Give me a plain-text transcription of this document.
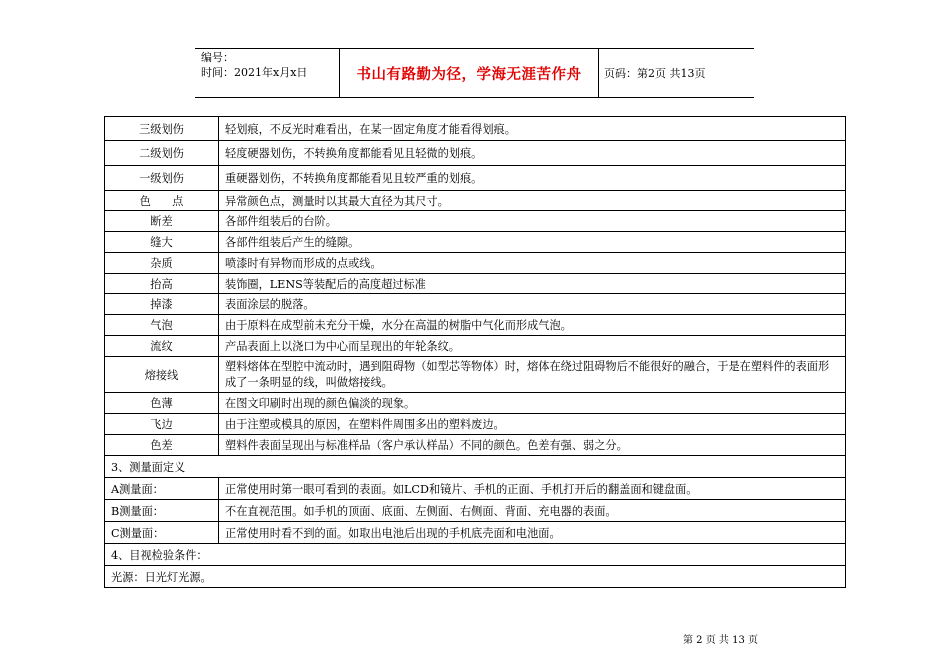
编号：
时间：2021年x月x日	书山有路勤为径，学海无涯苦作舟	页码：第2页 共13页
三级划伤	轻划痕，不反光时难看出，在某一固定角度才能看得划痕。
二级划伤	轻度硬器划伤，不转换角度都能看见且轻微的划痕。
一级划伤	重硬器划伤，不转换角度都能看见且较严重的划痕。
色      点	异常颜色点，测量时以其最大直径为其尺寸。
断差	各部件组装后的台阶。
缝大	各部件组装后产生的缝隙。
杂质	喷漆时有异物而形成的点或线。
抬高	装饰圈，LENS等装配后的高度超过标准
掉漆	表面涂层的脱落。
气泡	由于原料在成型前未充分干燥，水分在高温的树脂中气化而形成气泡。
流纹	产品表面上以浇口为中心而呈现出的年轮条纹。
熔接线	塑料熔体在型腔中流动时，遇到阻碍物（如型芯等物体）时，熔体在绕过阻碍物后不能很好的融合，于是在塑料件的表面形成了一条明显的线，叫做熔接线。
色薄	在图文印刷时出现的颜色偏淡的现象。
飞边	由于注塑或模具的原因，在塑料件周围多出的塑料废边。
色差	塑料件表面呈现出与标准样品（客户承认样品）不同的颜色。色差有强、弱之分。
3、测量面定义	
A测量面：	正常使用时第一眼可看到的表面。如LCD和镜片、手机的正面、手机打开后的翻盖面和键盘面。
B测量面：	不在直视范围。如手机的顶面、底面、左侧面、右侧面、背面、充电器的表面。
C测量面：	正常使用时看不到的面。如取出电池后出现的手机底壳面和电池面。
4、目视检验条件：	
光源：日光灯光源。	
第 2 页 共 13 页
